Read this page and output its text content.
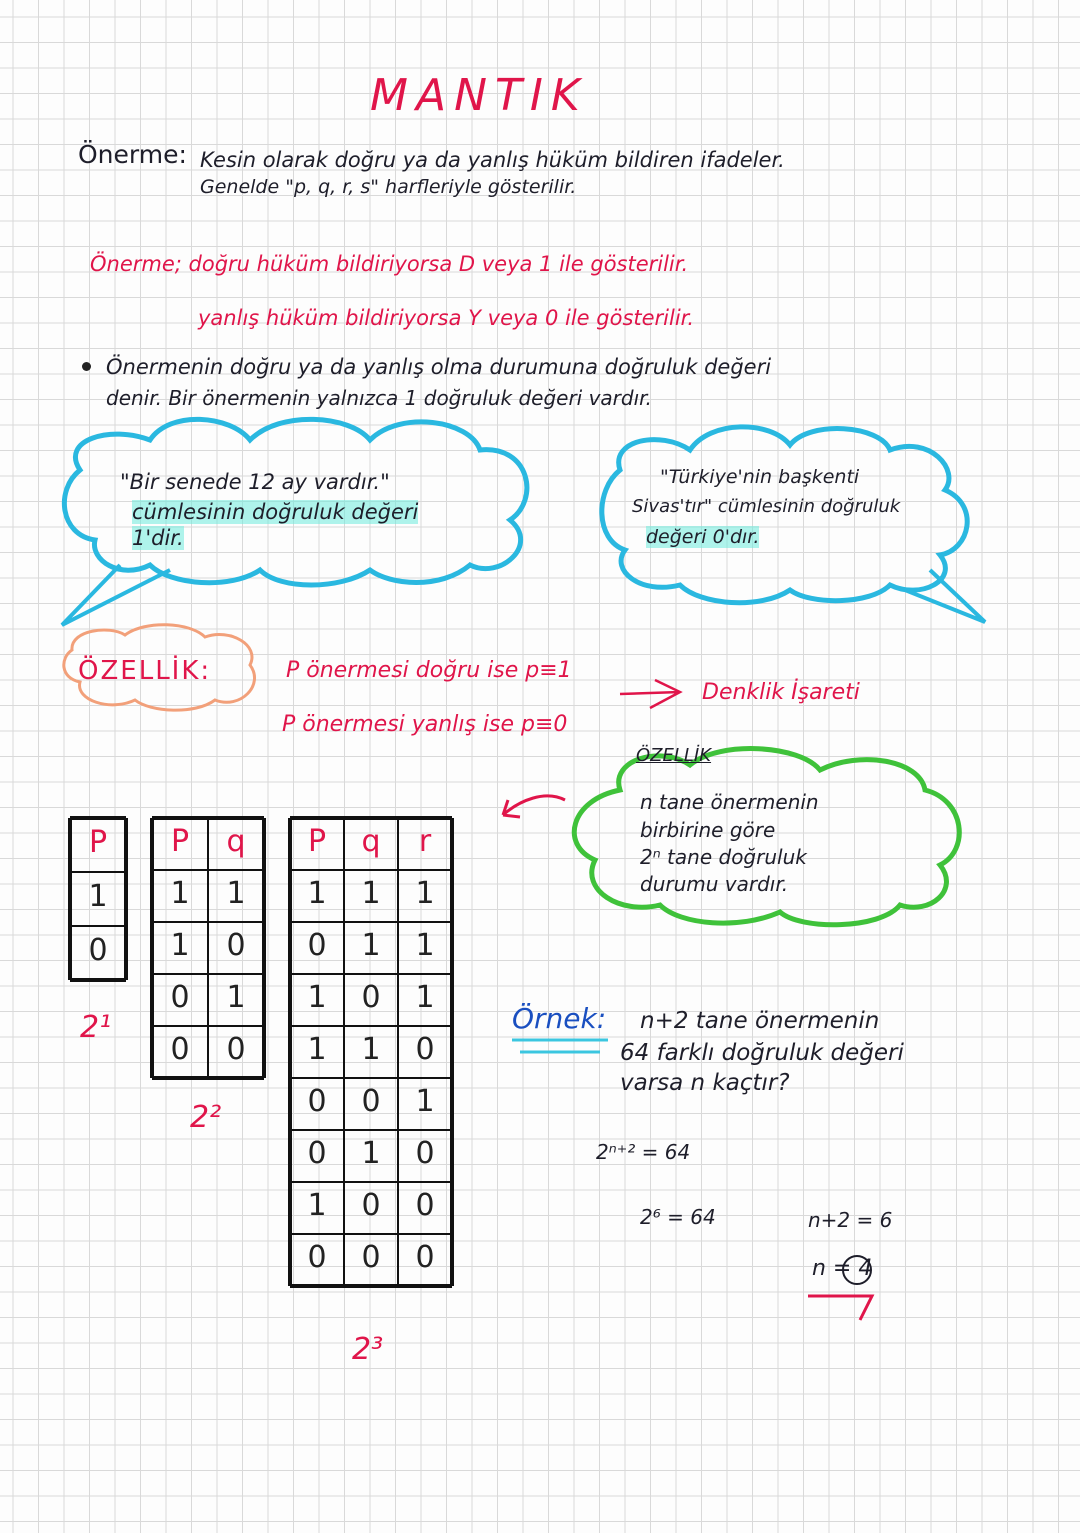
MANTIK
Önerme: Kesin olarak doğru ya da yanlış hüküm bildiren ifadeler.
Genelde "p, q, r, s" harfleriyle gösterilir.
Önerme; doğru hüküm bildiriyorsa D veya 1 ile gösterilir.
yanlış hüküm bildiriyorsa Y veya 0 ile gösterilir.
Önermenin doğru ya da yanlış olma durumuna doğruluk değeri
denir. Bir önermenin yalnızca 1 doğruluk değeri vardır.
"Bir senede 12 ay vardır."
cümlesinin doğruluk değeri
1'dir.
"Türkiye'nin başkenti
Sivas'tır" cümlesinin doğruluk
değeri 0'dır.
ÖZELLİK:	P önermesi doğru ise p≡1
P önermesi yanlış ise p≡0
Denklik İşareti
ÖZELLİK
n tane önermenin
birbirine göre
2ⁿ tane doğruluk
durumu vardır.
P
1
0
2¹
P	q
1	1
1	0
0	1
0	0
2²
P	q	r
1	1	1
0	1	1
1	0	1
1	1	0
0	0	1
0	1	0
1	0	0
0	0	0
2³
Örnek: n+2 tane önermenin
64 farklı doğruluk değeri
varsa n kaçtır?
2ⁿ⁺² = 64
2⁶ = 64	n+2 = 6
n = 4
